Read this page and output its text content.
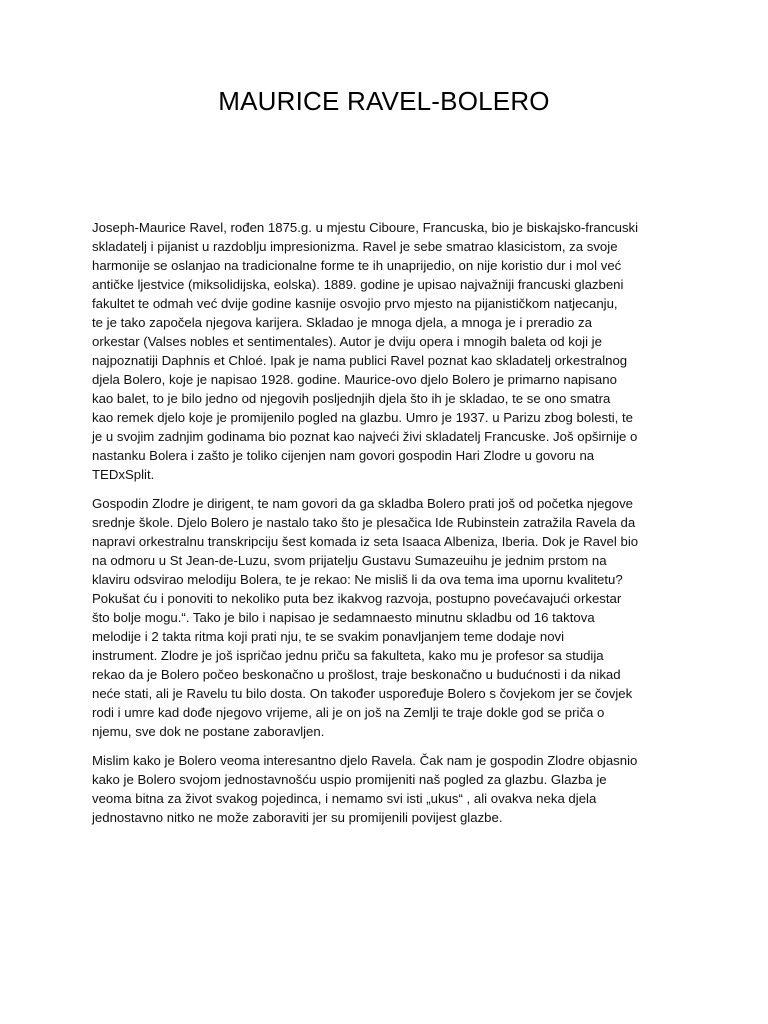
MAURICE RAVEL-BOLERO

Joseph-Maurice Ravel, rođen 1875.g. u mjestu Ciboure, Francuska, bio je biskajsko-francuski
skladatelj i pijanist u razdoblju impresionizma. Ravel je sebe smatrao klasicistom, za svoje
harmonije se oslanjao na tradicionalne forme te ih unaprijedio, on nije koristio dur i mol već
antičke ljestvice (miksolidijska, eolska). 1889. godine je upisao najvažniji francuski glazbeni
fakultet te odmah već dvije godine kasnije osvojio prvo mjesto na pijanističkom natjecanju,
te je tako započela njegova karijera. Skladao je mnoga djela, a mnoga je i preradio za
orkestar (Valses nobles et sentimentales). Autor je dviju opera i mnogih baleta od koji je
najpoznatiji Daphnis et Chloé. Ipak je nama publici Ravel poznat kao skladatelj orkestralnog
djela Bolero, koje je napisao 1928. godine. Maurice-ovo djelo Bolero je primarno napisano
kao balet, to je bilo jedno od njegovih posljednjih djela što ih je skladao, te se ono smatra
kao remek djelo koje je promijenilo pogled na glazbu. Umro je 1937. u Parizu zbog bolesti, te
je u svojim zadnjim godinama bio poznat kao najveći živi skladatelj Francuske. Još opširnije o
nastanku Bolera i zašto je toliko cijenjen nam govori gospodin Hari Zlodre u govoru na
TEDxSplit.

Gospodin Zlodre je dirigent, te nam govori da ga skladba Bolero prati još od početka njegove
srednje škole. Djelo Bolero je nastalo tako što je plesačica Ide Rubinstein zatražila Ravela da
napravi orkestralnu transkripciju šest komada iz seta Isaaca Albeniza, Iberia. Dok je Ravel bio
na odmoru u St Jean-de-Luzu, svom prijatelju Gustavu Sumazeuihu je jednim prstom na
klaviru odsvirao melodiju Bolera, te je rekao: Ne misliš li da ova tema ima upornu kvalitetu?
Pokušat ću i ponoviti to nekoliko puta bez ikakvog razvoja, postupno povećavajući orkestar
što bolje mogu.“. Tako je bilo i napisao je sedamnaesto minutnu skladbu od 16 taktova
melodije i 2 takta ritma koji prati nju, te se svakim ponavljanjem teme dodaje novi
instrument. Zlodre je još ispričao jednu priču sa fakulteta, kako mu je profesor sa studija
rekao da je Bolero počeo beskonačno u prošlost, traje beskonačno u budućnosti i da nikad
neće stati, ali je Ravelu tu bilo dosta. On također uspoređuje Bolero s čovjekom jer se čovjek
rodi i umre kad dođe njegovo vrijeme, ali je on još na Zemlji te traje dokle god se priča o
njemu, sve dok ne postane zaboravljen.

Mislim kako je Bolero veoma interesantno djelo Ravela. Čak nam je gospodin Zlodre objasnio
kako je Bolero svojom jednostavnošću uspio promijeniti naš pogled za glazbu. Glazba je
veoma bitna za život svakog pojedinca, i nemamo svi isti „ukus“ , ali ovakva neka djela
jednostavno nitko ne može zaboraviti jer su promijenili povijest glazbe.
